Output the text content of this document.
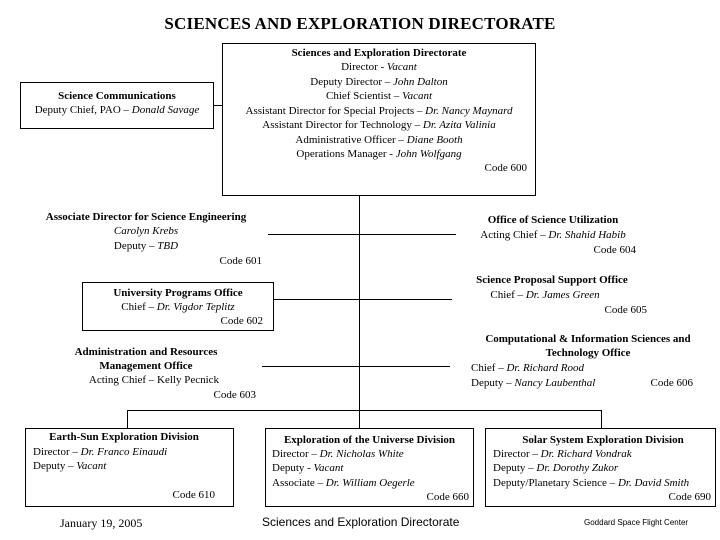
SCIENCES AND EXPLORATION DIRECTORATE
Sciences and Exploration Directorate
Director - Vacant
Deputy Director – John Dalton
Chief Scientist – Vacant
Assistant Director for Special Projects – Dr. Nancy Maynard
Assistant Director for Technology – Dr. Azita Valinia
Administrative Officer – Diane Booth
Operations Manager - John Wolfgang
Code 600
Science Communications
Deputy Chief, PAO – Donald Savage
Associate Director for Science Engineering
Carolyn Krebs
Deputy – TBD
Code 601
University Programs Office
Chief – Dr. Vigdor Teplitz
Code 602
Administration and Resources
Management Office
Acting Chief – Kelly Pecnick
Code 603
Office of Science Utilization
Acting Chief – Dr. Shahid Habib
Code 604
Science Proposal Support Office
Chief – Dr. James Green
Code 605
Computational & Information Sciences and
Technology Office
Chief – Dr. Richard Rood
Deputy – Nancy Laubenthal	Code 606
Earth-Sun Exploration Division
Director – Dr. Franco Einaudi
Deputy – Vacant
Code 610
Exploration of the Universe Division
Director – Dr. Nicholas White
Deputy - Vacant
Associate – Dr. William Oegerle
Code 660
Solar System Exploration Division
Director – Dr. Richard Vondrak
Deputy – Dr. Dorothy Zukor
Deputy/Planetary Science – Dr. David Smith
Code 690
January 19, 2005	Sciences and Exploration Directorate	Goddard Space Flight Center
